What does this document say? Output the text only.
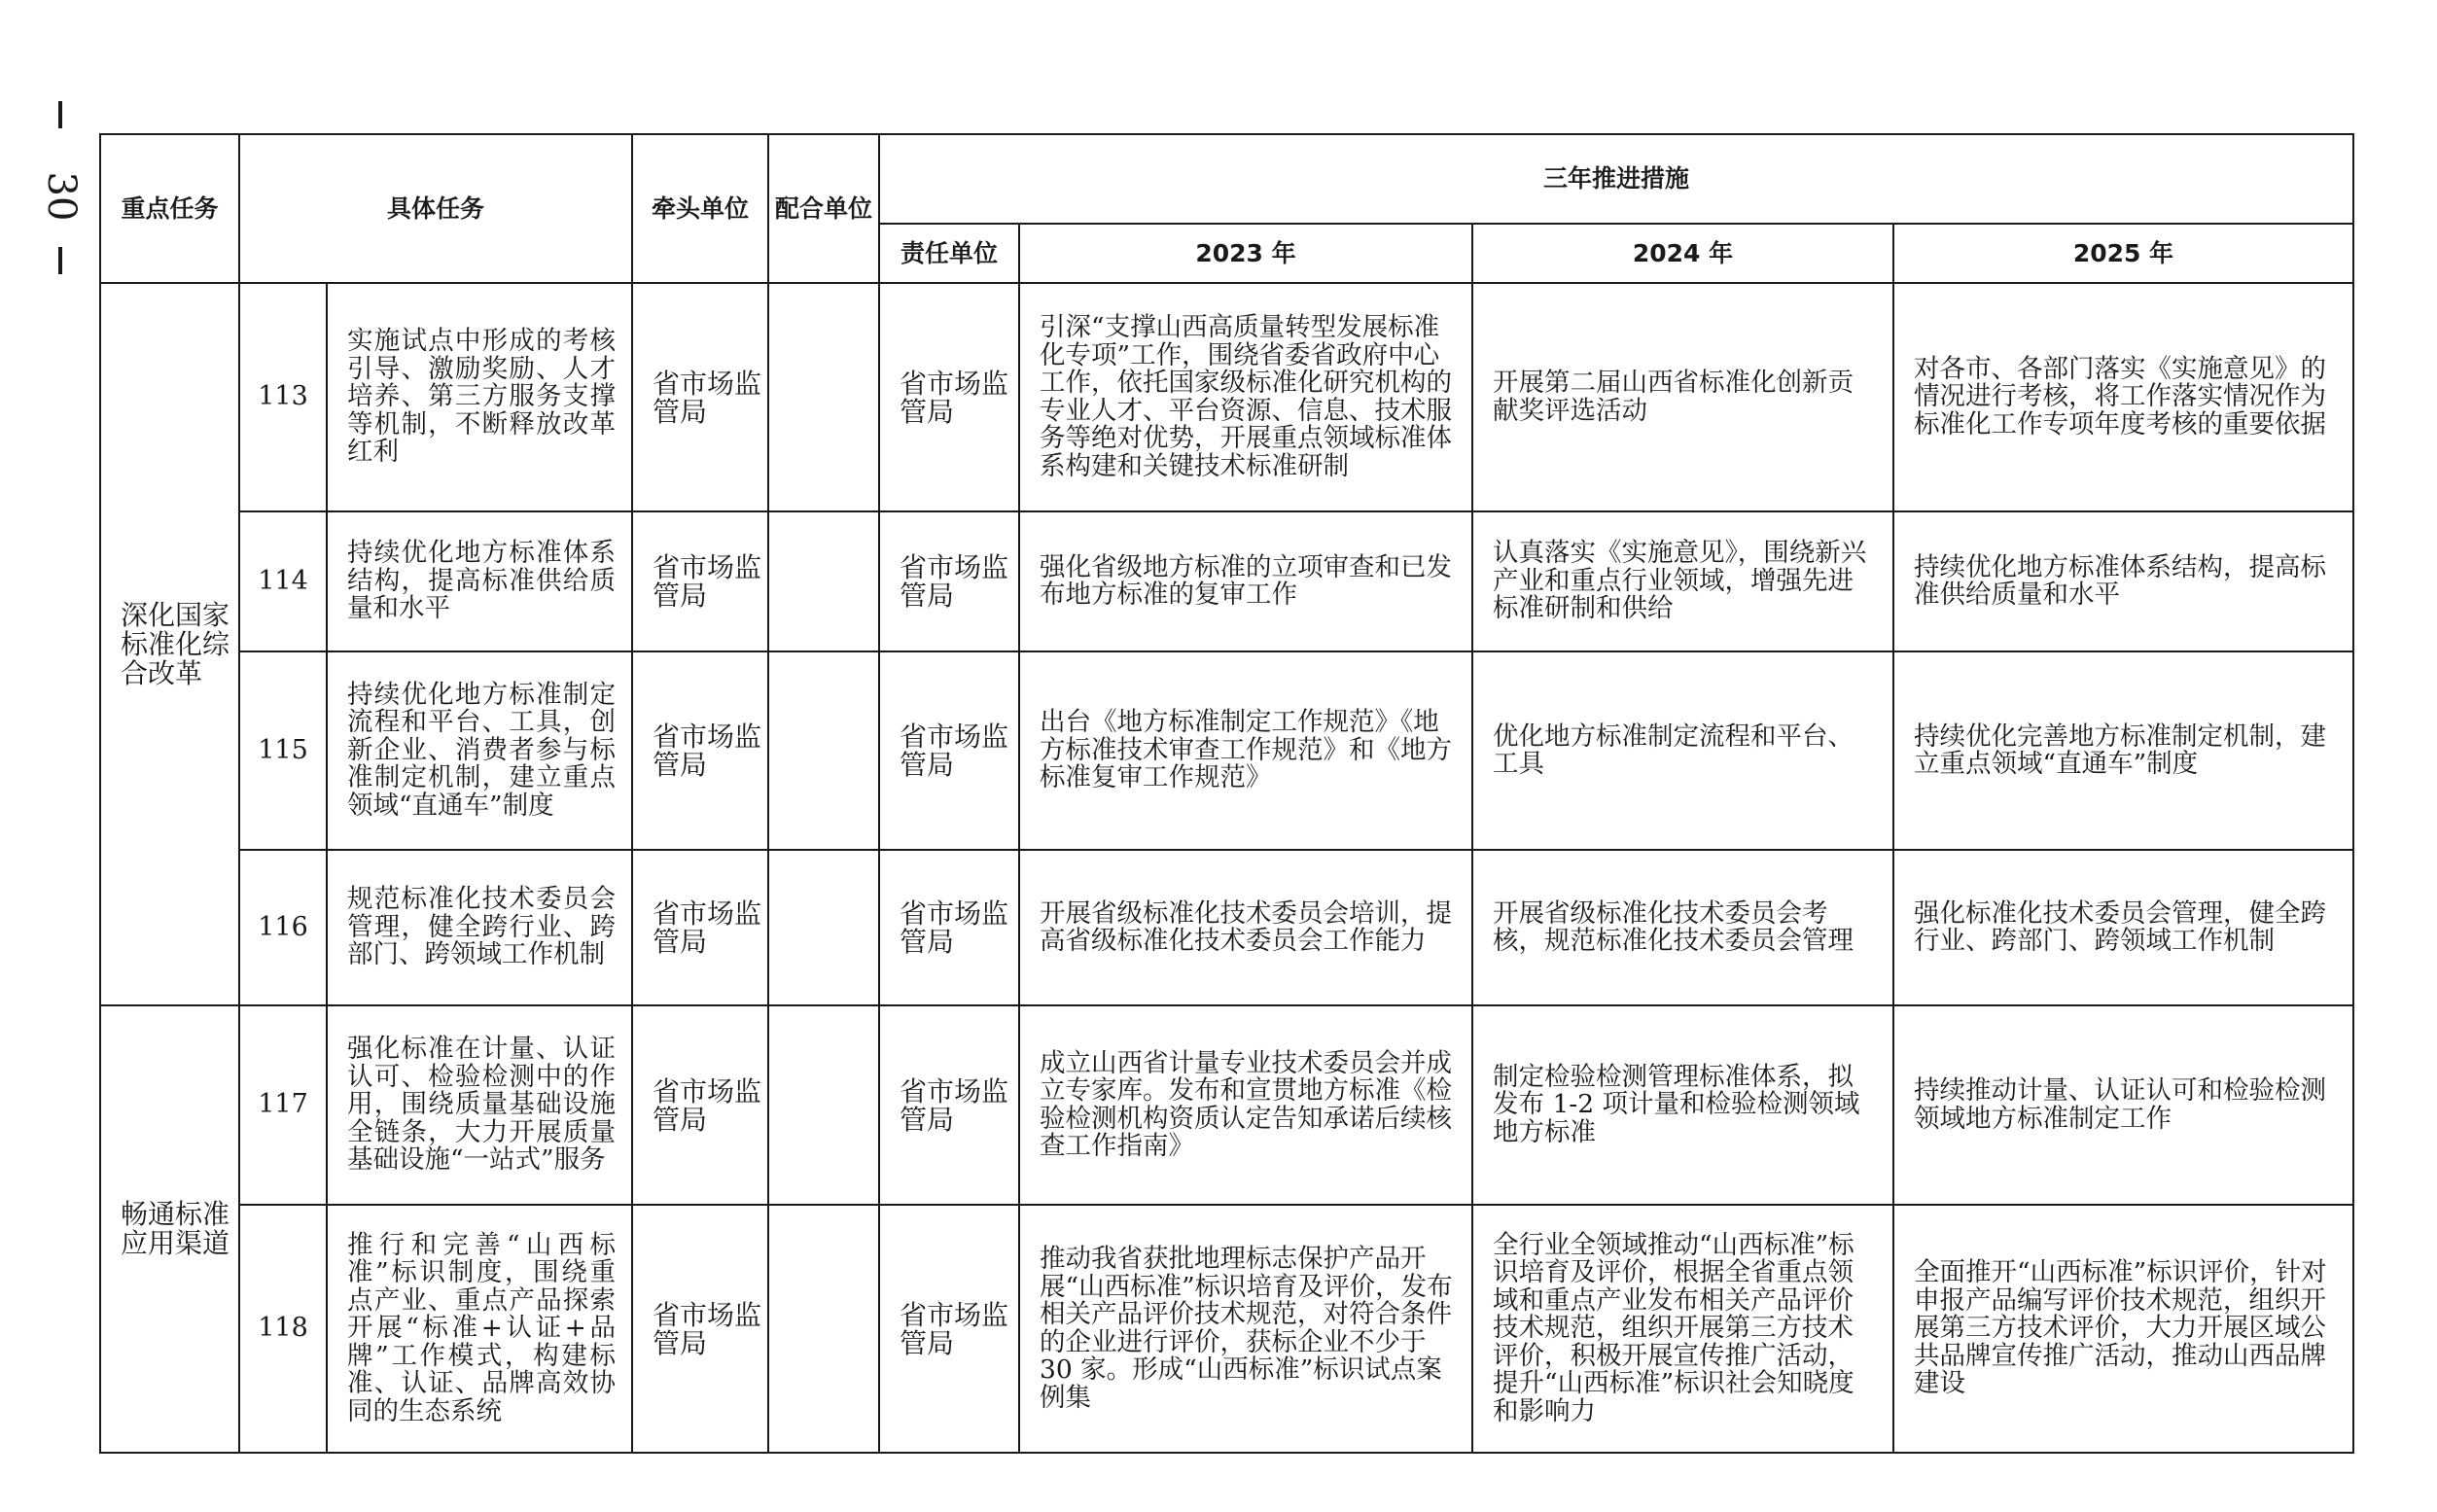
30 重点任务	具体任务		牵头单位	配合单位	三年推进措施			
					责任单位	2023 年	2024 年	2025 年
深化国家标准化综合改革	113	实施试点中形成的考核引导、激励奖励、人才培养、第三方服务支撑等机制，不断释放改革红利	省市场监管局		省市场监管局	引深“支撑山西高质量转型发展标准化专项”工作，围绕省委省政府中心工作，依托国家级标准化研究机构的专业人才、平台资源、信息、技术服务等绝对优势，开展重点领域标准体系构建和关键技术标准研制	开展第二届山西省标准化创新贡献奖评选活动	对各市、各部门落实《实施意见》的情况进行考核，将工作落实情况作为标准化工作专项年度考核的重要依据
	114	持续优化地方标准体系结构，提高标准供给质量和水平	省市场监管局		省市场监管局	强化省级地方标准的立项审查和已发布地方标准的复审工作	认真落实《实施意见》，围绕新兴产业和重点行业领域，增强先进标准研制和供给	持续优化地方标准体系结构，提高标准供给质量和水平
	115	持续优化地方标准制定流程和平台、工具，创新企业、消费者参与标准制定机制，建立重点领域“直通车”制度	省市场监管局		省市场监管局	出台《地方标准制定工作规范》《地方标准技术审查工作规范》和《地方标准复审工作规范》	优化地方标准制定流程和平台、工具	持续优化完善地方标准制定机制，建立重点领域“直通车”制度
	116	规范标准化技术委员会管理，健全跨行业、跨部门、跨领域工作机制	省市场监管局		省市场监管局	开展省级标准化技术委员会培训，提高省级标准化技术委员会工作能力	开展省级标准化技术委员会考核，规范标准化技术委员会管理	强化标准化技术委员会管理，健全跨行业、跨部门、跨领域工作机制
畅通标准应用渠道	117	强化标准在计量、认证认可、检验检测中的作用，围绕质量基础设施全链条，大力开展质量基础设施“一站式”服务	省市场监管局		省市场监管局	成立山西省计量专业技术委员会并成立专家库。发布和宣贯地方标准《检验检测机构资质认定告知承诺后续核查工作指南》	制定检验检测管理标准体系，拟发布 1-2 项计量和检验检测领域地方标准	持续推动计量、认证认可和检验检测领域地方标准制定工作
	118	推行和完善“山西标准”标识制度，围绕重点产业、重点产品探索开展“标准+认证+品牌”工作模式，构建标准、认证、品牌高效协同的生态系统	省市场监管局		省市场监管局	推动我省获批地理标志保护产品开展“山西标准”标识培育及评价，发布相关产品评价技术规范，对符合条件的企业进行评价，获标企业不少于 30 家。形成“山西标准”标识试点案例集	全行业全领域推动“山西标准”标识培育及评价，根据全省重点领域和重点产业发布相关产品评价技术规范，组织开展第三方技术评价，积极开展宣传推广活动，提升“山西标准”标识社会知晓度和影响力	全面推开“山西标准”标识评价，针对申报产品编写评价技术规范，组织开展第三方技术评价，大力开展区域公共品牌宣传推广活动，推动山西品牌建设
